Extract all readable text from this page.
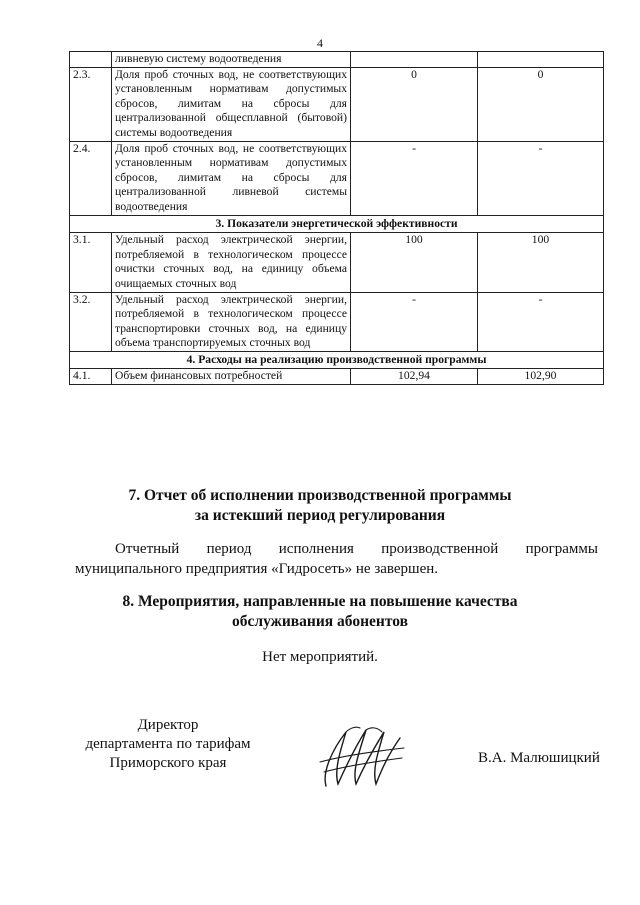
4
	ливневую систему водоотведения		
2.3.	Доля проб сточных вод, не соответствующих установленным нормативам допустимых сбросов, лимитам на сбросы для централизованной общесплавной (бытовой) системы водоотведения	0	0
2.4.	Доля проб сточных вод, не соответствующих установленным нормативам допустимых сбросов, лимитам на сбросы для централизованной ливневой системы водоотведения	-	-
3. Показатели энергетической эффективности			
3.1.	Удельный расход электрической энергии, потребляемой в технологическом процессе очистки сточных вод, на единицу объема очищаемых сточных вод	100	100
3.2.	Удельный расход электрической энергии, потребляемой в технологическом процессе транспортировки сточных вод, на единицу объема транспортируемых сточных вод	-	-
4. Расходы на реализацию производственной программы			
4.1.	Объем финансовых потребностей	102,94	102,90
7. Отчет об исполнении производственной программы
за истекший период регулирования
Отчетный период исполнения производственной программы
муниципального предприятия «Гидросеть» не завершен.
8. Мероприятия, направленные на повышение качества
обслуживания абонентов
Нет мероприятий.
Директор
департамента по тарифам
Приморского края	В.А. Малюшицкий
